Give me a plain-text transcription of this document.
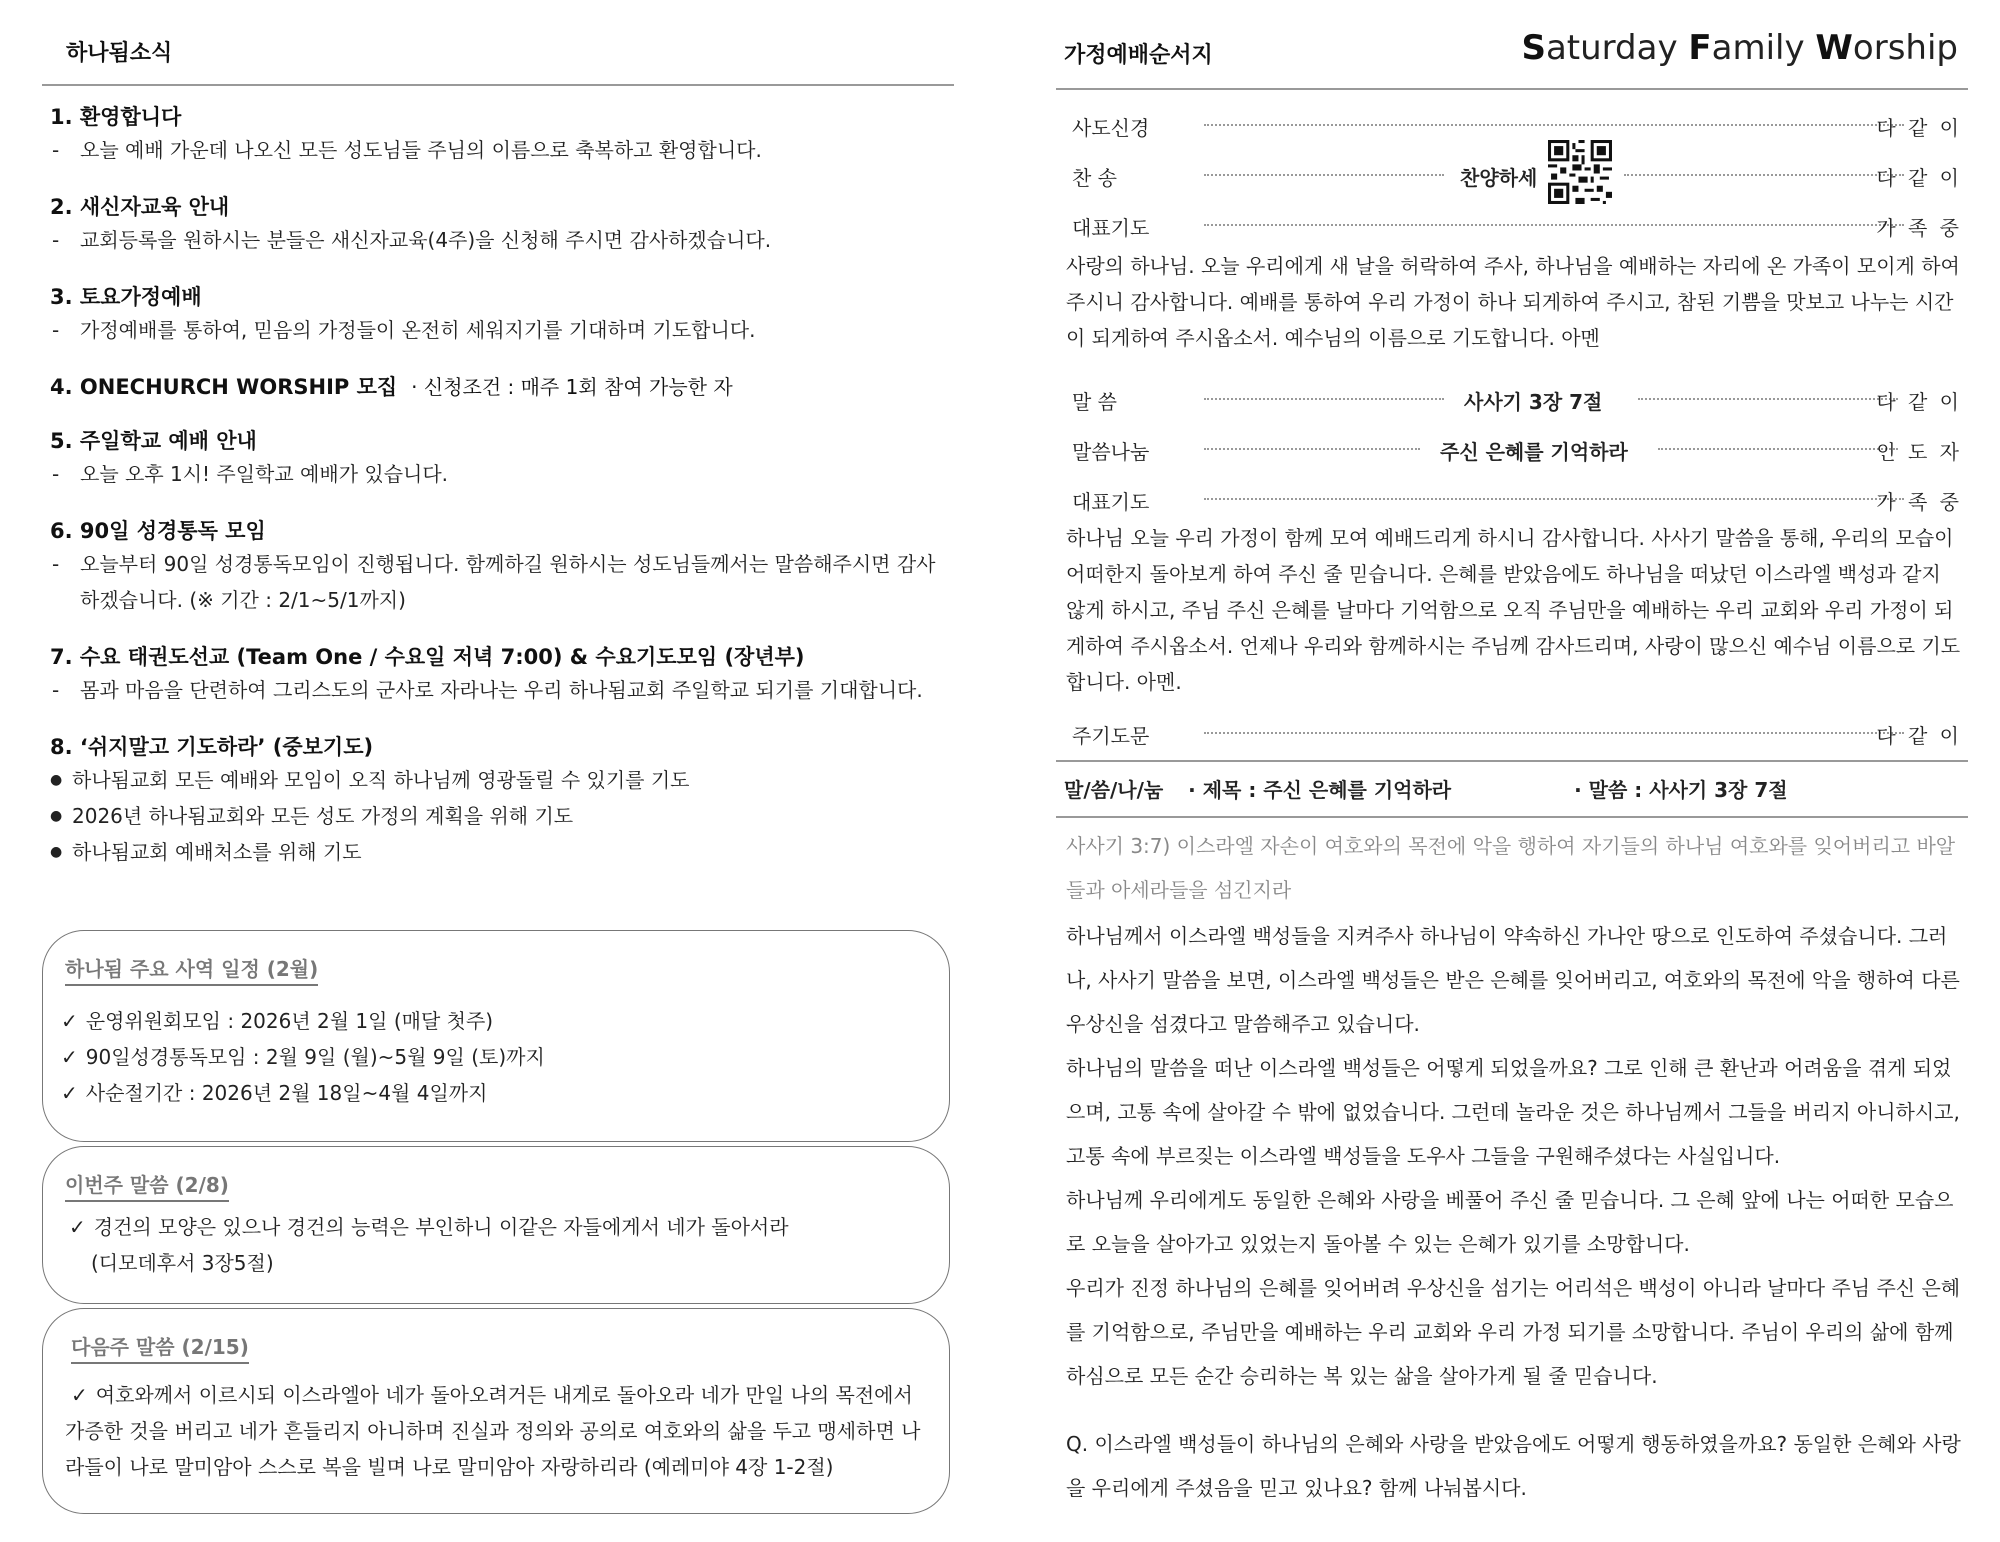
하나됨소식
1. 환영합니다
- 오늘 예배 가운데 나오신 모든 성도님들 주님의 이름으로 축복하고 환영합니다.
2. 새신자교육 안내
- 교회등록을 원하시는 분들은 새신자교육(4주)을 신청해 주시면 감사하겠습니다.
3. 토요가정예배
- 가정예배를 통하여, 믿음의 가정들이 온전히 세워지기를 기대하며 기도합니다.
4. ONECHURCH WORSHIP 모집 · 신청조건 : 매주 1회 참여 가능한 자
5. 주일학교 예배 안내
- 오늘 오후 1시! 주일학교 예배가 있습니다.
6. 90일 성경통독 모임
- 오늘부터 90일 성경통독모임이 진행됩니다. 함께하길 원하시는 성도님들께서는 말씀해주시면 감사하겠습니다. (※ 기간 : 2/1~5/1까지)
7. 수요 태권도선교 (Team One / 수요일 저녁 7:00) & 수요기도모임 (장년부)
- 몸과 마음을 단련하여 그리스도의 군사로 자라나는 우리 하나됨교회 주일학교 되기를 기대합니다.
8. ‘쉬지말고 기도하라’ (중보기도)
● 하나됨교회 모든 예배와 모임이 오직 하나님께 영광돌릴 수 있기를 기도
● 2026년 하나됨교회와 모든 성도 가정의 계획을 위해 기도
● 하나됨교회 예배처소를 위해 기도
하나됨 주요 사역 일정 (2월)
✓ 운영위원회모임 : 2026년 2월 1일 (매달 첫주)
✓ 90일성경통독모임 : 2월 9일 (월)~5월 9일 (토)까지
✓ 사순절기간 : 2026년 2월 18일~4월 4일까지
이번주 말씀 (2/8)
✓ 경건의 모양은 있으나 경건의 능력은 부인하니 이같은 자들에게서 네가 돌아서라
(디모데후서 3장5절)
다음주 말씀 (2/15)
✓ 여호와께서 이르시되 이스라엘아 네가 돌아오려거든 내게로 돌아오라 네가 만일 나의 목전에서 가증한 것을 버리고 네가 흔들리지 아니하며 진실과 정의와 공의로 여호와의 삶을 두고 맹세하면 나라들이 나로 말미암아 스스로 복을 빌며 나로 말미암아 자랑하리라 (예레미야 4장 1-2절)
가정예배순서지	Saturday Family Worship
사도신경	다 같 이
찬 송	찬양하세	다 같 이
대표기도	가 족 중
사랑의 하나님. 오늘 우리에게 새 날을 허락하여 주사, 하나님을 예배하는 자리에 온 가족이 모이게 하여 주시니 감사합니다. 예배를 통하여 우리 가정이 하나 되게하여 주시고, 참된 기쁨을 맛보고 나누는 시간이 되게하여 주시옵소서. 예수님의 이름으로 기도합니다. 아멘
말 씀	사사기 3장 7절	다 같 이
말씀나눔	주신 은혜를 기억하라	인 도 자
대표기도	가 족 중
하나님 오늘 우리 가정이 함께 모여 예배드리게 하시니 감사합니다. 사사기 말씀을 통해, 우리의 모습이 어떠한지 돌아보게 하여 주신 줄 믿습니다. 은혜를 받았음에도 하나님을 떠났던 이스라엘 백성과 같지 않게 하시고, 주님 주신 은혜를 날마다 기억함으로 오직 주님만을 예배하는 우리 교회와 우리 가정이 되게하여 주시옵소서. 언제나 우리와 함께하시는 주님께 감사드리며, 사랑이 많으신 예수님 이름으로 기도합니다. 아멘.
주기도문	다 같 이
말/씀/나/눔 · 제목 : 주신 은혜를 기억하라	· 말씀 : 사사기 3장 7절
사사기 3:7) 이스라엘 자손이 여호와의 목전에 악을 행하여 자기들의 하나님 여호와를 잊어버리고 바알들과 아세라들을 섬긴지라

하나님께서 이스라엘 백성들을 지켜주사 하나님이 약속하신 가나안 땅으로 인도하여 주셨습니다. 그러나, 사사기 말씀을 보면, 이스라엘 백성들은 받은 은혜를 잊어버리고, 여호와의 목전에 악을 행하여 다른 우상신을 섬겼다고 말씀해주고 있습니다.

하나님의 말씀을 떠난 이스라엘 백성들은 어떻게 되었을까요? 그로 인해 큰 환난과 어려움을 겪게 되었으며, 고통 속에 살아갈 수 밖에 없었습니다. 그런데 놀라운 것은 하나님께서 그들을 버리지 아니하시고, 고통 속에 부르짖는 이스라엘 백성들을 도우사 그들을 구원해주셨다는 사실입니다.

하나님께 우리에게도 동일한 은혜와 사랑을 베풀어 주신 줄 믿습니다. 그 은혜 앞에 나는 어떠한 모습으로 오늘을 살아가고 있었는지 돌아볼 수 있는 은혜가 있기를 소망합니다.

우리가 진정 하나님의 은혜를 잊어버려 우상신을 섬기는 어리석은 백성이 아니라 날마다 주님 주신 은혜를 기억함으로, 주님만을 예배하는 우리 교회와 우리 가정 되기를 소망합니다. 주님이 우리의 삶에 함께 하심으로 모든 순간 승리하는 복 있는 삶을 살아가게 될 줄 믿습니다.

Q. 이스라엘 백성들이 하나님의 은혜와 사랑을 받았음에도 어떻게 행동하였을까요? 동일한 은혜와 사랑을 우리에게 주셨음을 믿고 있나요? 함께 나눠봅시다.
